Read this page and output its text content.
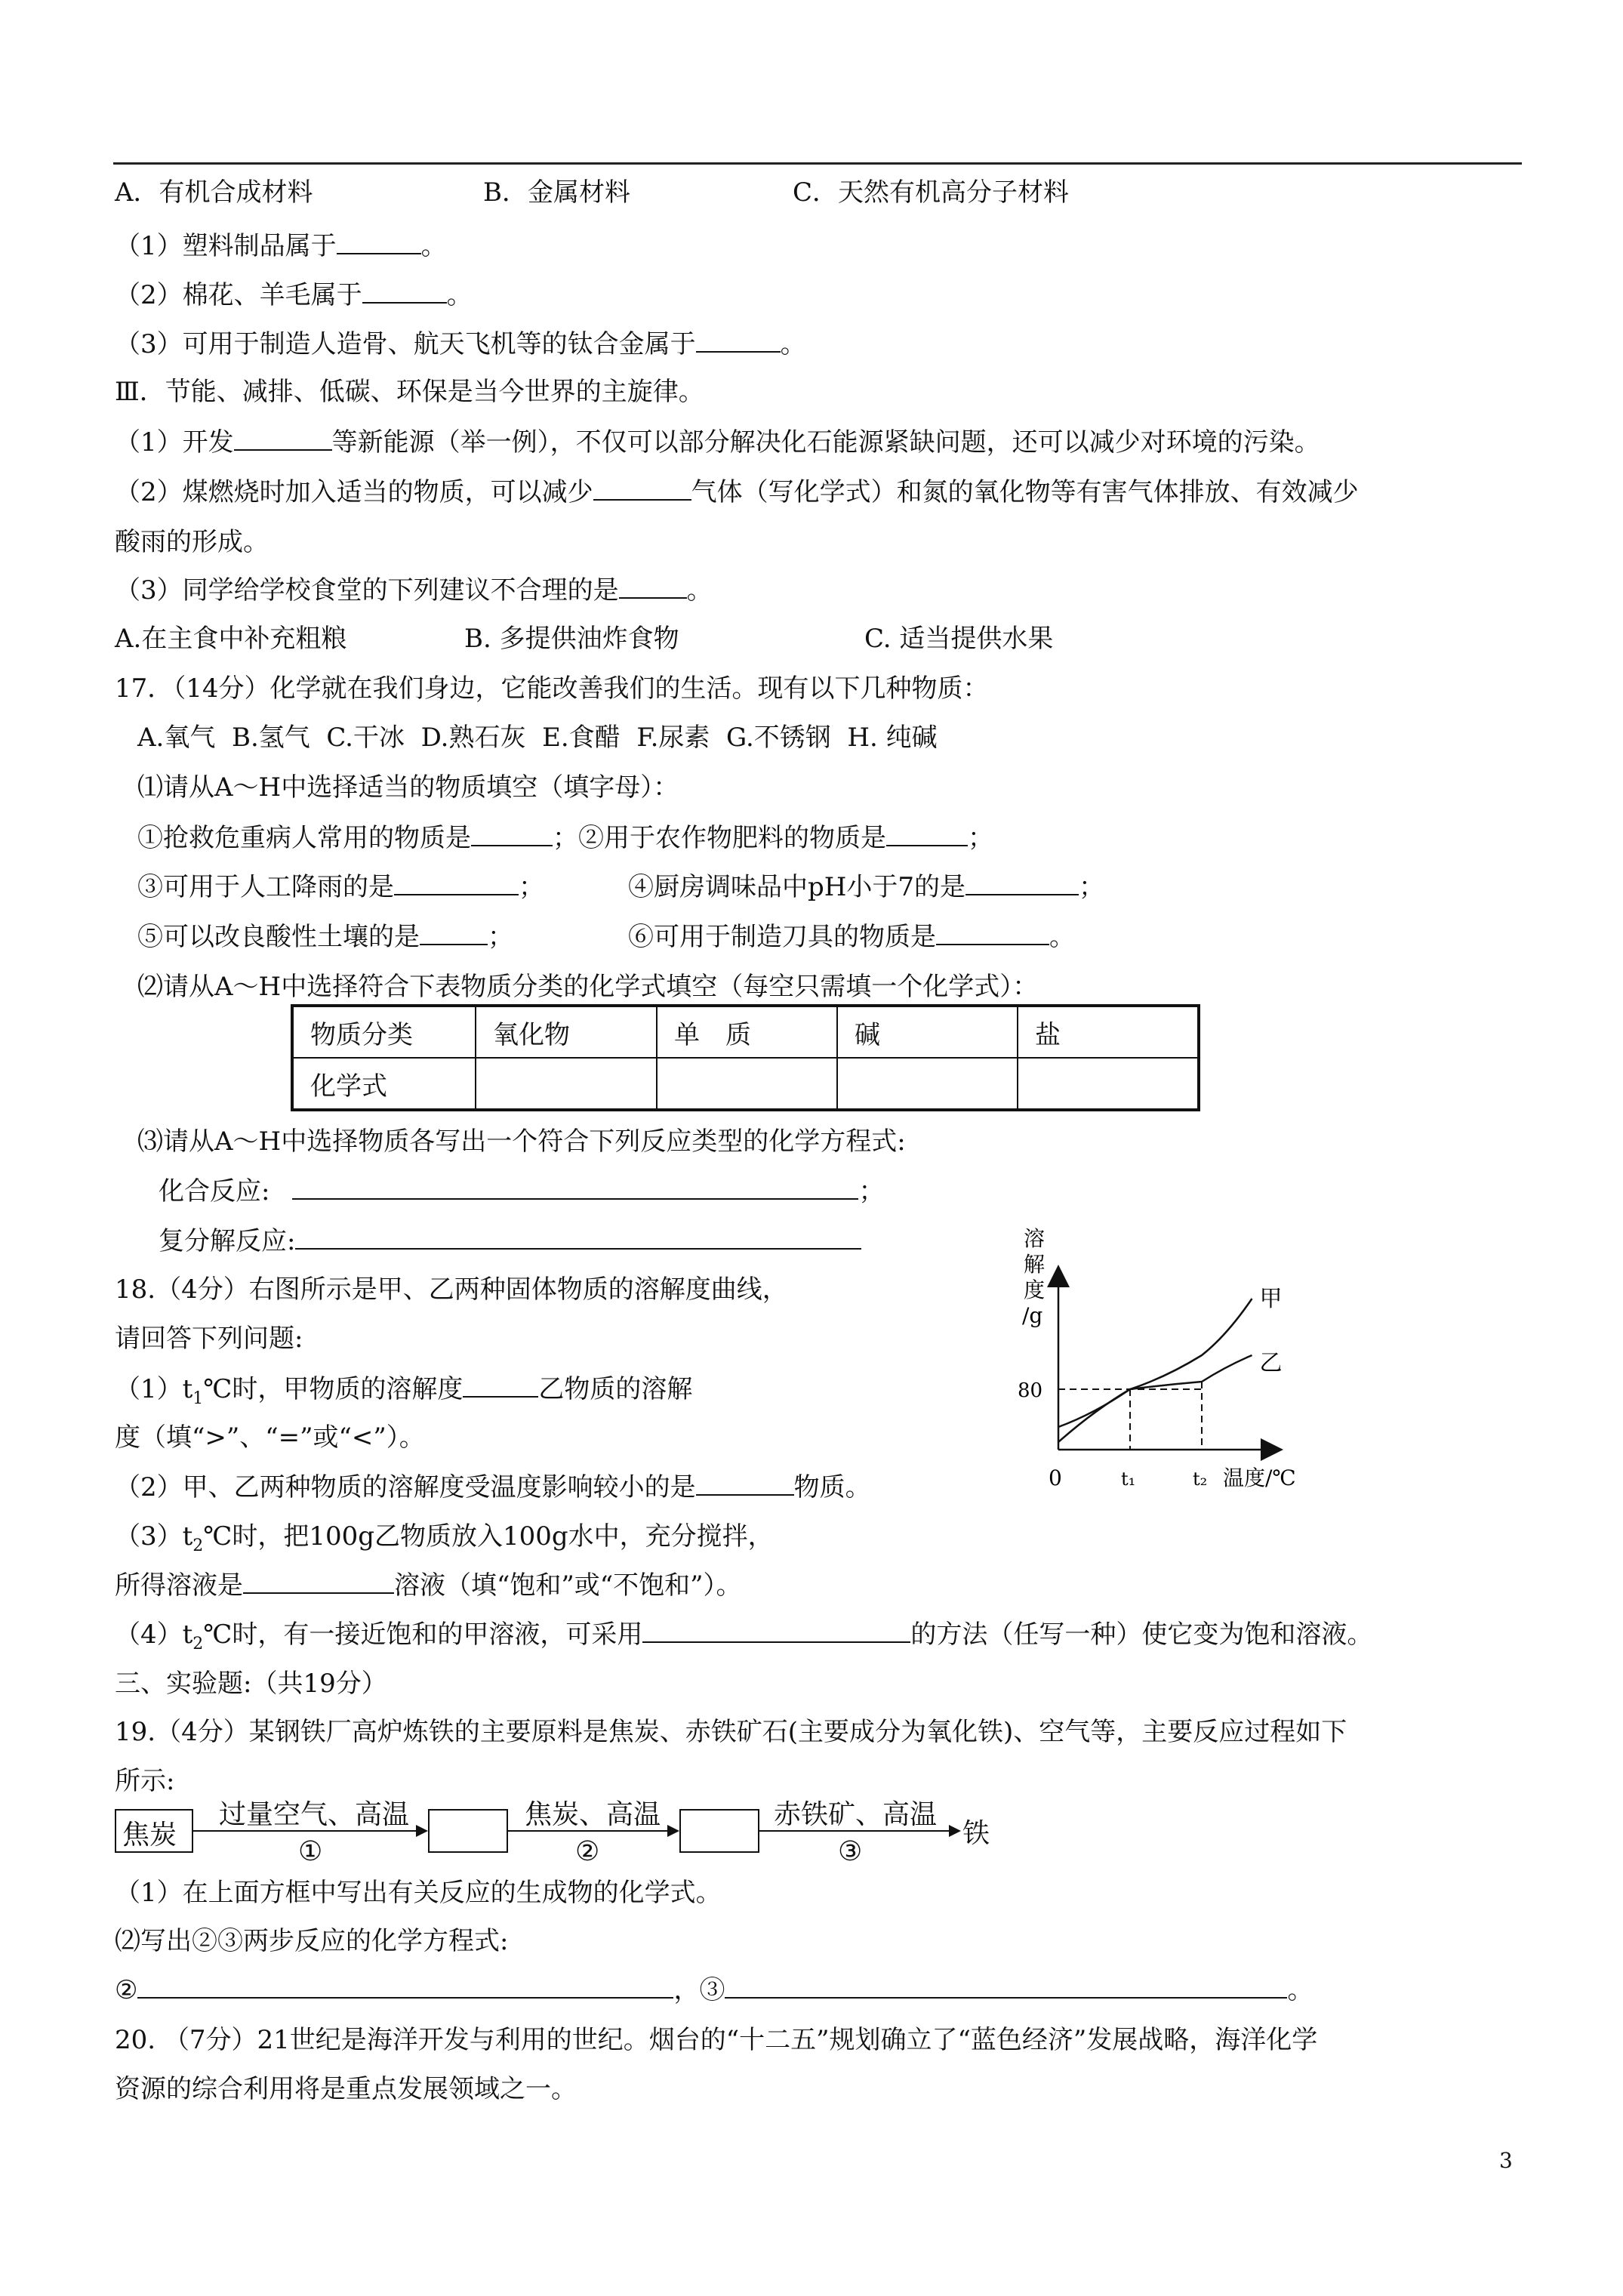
A．有机合成材料	B．金属材料	C．天然有机高分子材料
（1）塑料制品属于	。
（2）棉花、羊毛属于	。
（3）可用于制造人造骨、航天飞机等的钛合金属于	。
Ⅲ．节能、减排、低碳、环保是当今世界的主旋律。
（1）开发	等新能源（举一例），不仅可以部分解决化石能源紧缺问题，还可以减少对环境的污染。
（2）煤燃烧时加入适当的物质，可以减少	气体（写化学式）和氮的氧化物等有害气体排放、有效减少
酸雨的形成。
（3）同学给学校食堂的下列建议不合理的是	。
A.在主食中补充粗粮	B. 多提供油炸食物	C. 适当提供水果
17．（14分）化学就在我们身边，它能改善我们的生活。现有以下几种物质：
A.氧气  B.氢气  C.干冰  D.熟石灰  E.食醋  F.尿素  G.不锈钢  H. 纯碱
⑴请从A～H中选择适当的物质填空（填字母）：
①抢救危重病人常用的物质是	；②用于农作物肥料的物质是	；
③可用于人工降雨的是	；	④厨房调味品中pH小于7的是	；
⑤可以改良酸性土壤的是	；	⑥可用于制造刀具的物质是	。
⑵请从A～H中选择符合下表物质分类的化学式填空（每空只需填一个化学式）：
物质分类	氧化物	单　质	碱	盐
化学式				
⑶请从A～H中选择物质各写出一个符合下列反应类型的化学方程式:
化合反应:	；
复分解反应:
18.（4分）右图所示是甲、乙两种固体物质的溶解度曲线，
请回答下列问题:
$(1)t_1℃$时，甲物质的溶解度	乙物质的溶解
度（填“>”、“=”或“<”）。
（2）甲、乙两种物质的溶解度受温度影响较小的是	物质。
$(3)t_2℃$时，把100g乙物质放入100g水中，充分搅拌，
所得溶液是	溶液（填“饱和”或“不饱和”）。
$(4)t_2℃$时，有一接近饱和的甲溶液，可采用	的方法（任写一种）使它变为饱和溶液。
溶解度/g
温度/℃
0
80
t₁	t₂
甲
乙
三、实验题:（共19分）
19.（4分）某钢铁厂高炉炼铁的主要原料是焦炭、赤铁矿石(主要成分为氧化铁)、空气等，主要反应过程如下
所示:
焦炭
过量空气、高温
①
焦炭、高温
②
赤铁矿、高温
③
铁
（1）在上面方框中写出有关反应的生成物的化学式。
⑵写出②③两步反应的化学方程式:
②	，③	。
20. （7分）21世纪是海洋开发与利用的世纪。烟台的“十二五”规划确立了“蓝色经济”发展战略，海洋化学
资源的综合利用将是重点发展领域之一。
3
